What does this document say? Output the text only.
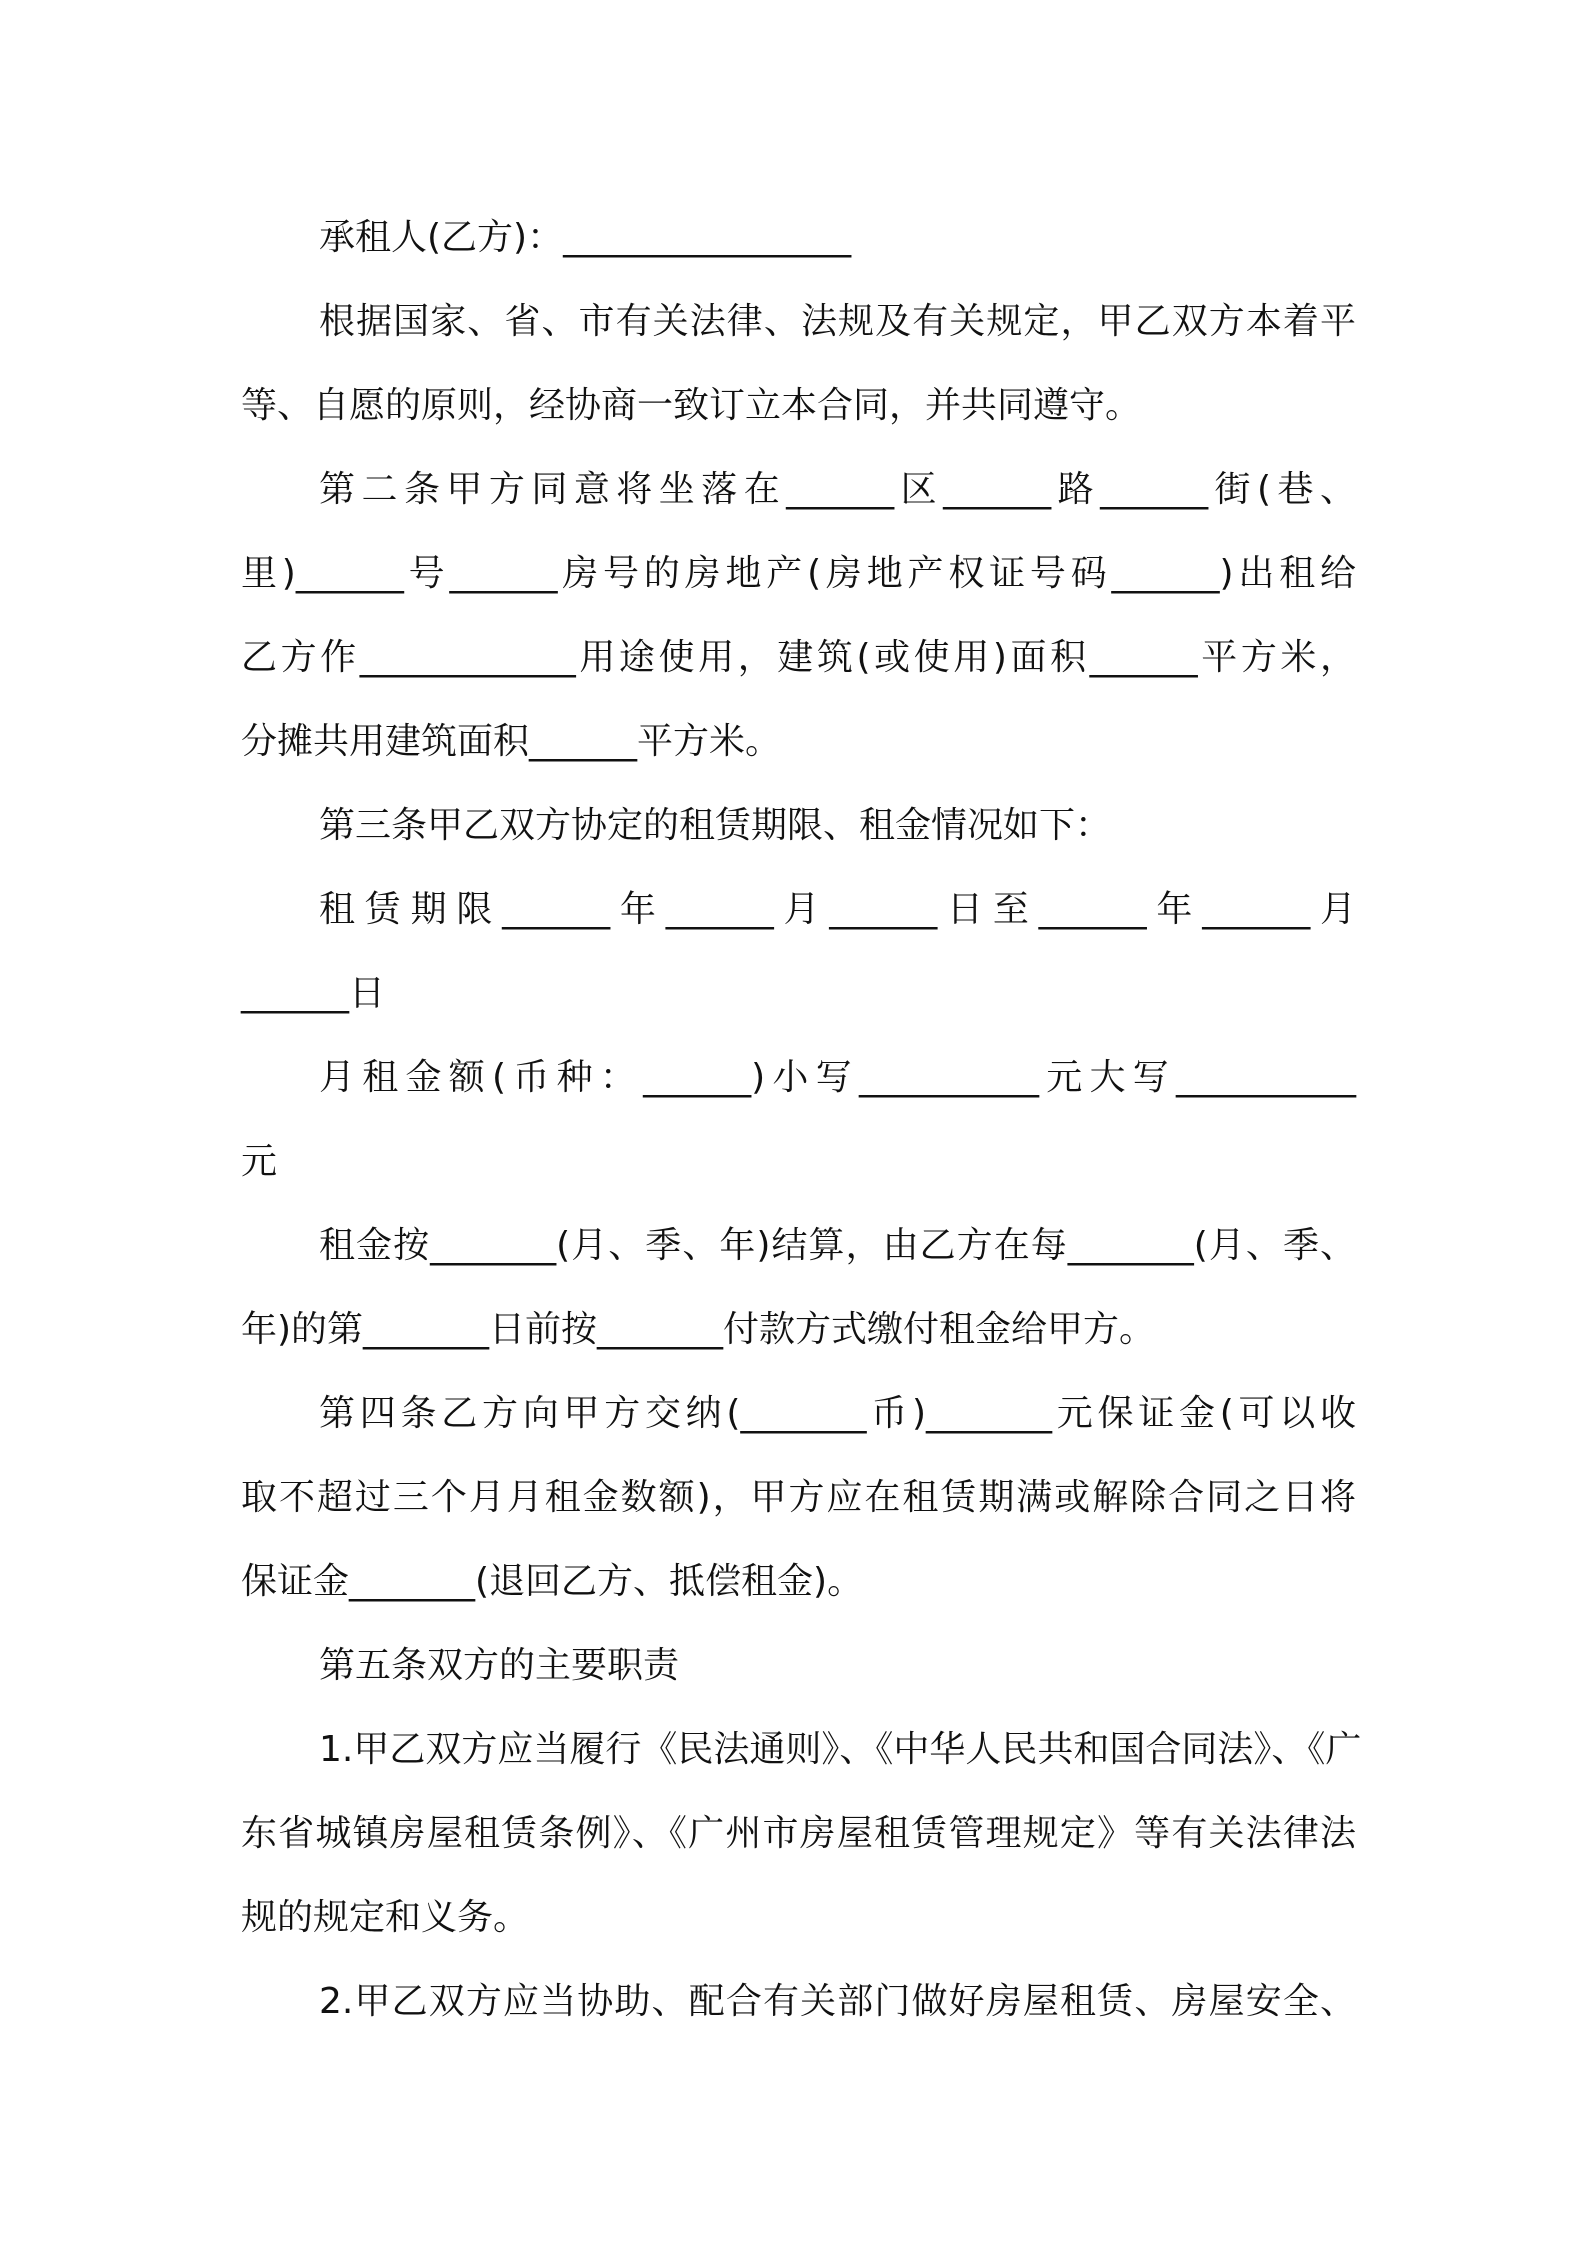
承租人(乙方)：________________
根据国家、省、市有关法律、法规及有关规定，甲乙双方本着平
等、自愿的原则，经协商一致订立本合同，并共同遵守。
第二条甲方同意将坐落在______区______路______街(巷、
里)______号______房号的房地产(房地产权证号码______)出租给
乙方作____________用途使用，建筑(或使用)面积______平方米，
分摊共用建筑面积______平方米。
第三条甲乙双方协定的租赁期限、租金情况如下：
租赁期限______年______月______日至______年______月
______日
月租金额(币种：______)小写__________元大写__________
元
租金按_______(月、季、年)结算，由乙方在每_______(月、季、
年)的第_______日前按_______付款方式缴付租金给甲方。
第四条乙方向甲方交纳(_______币)_______元保证金(可以收
取不超过三个月月租金数额)，甲方应在租赁期满或解除合同之日将
保证金_______(退回乙方、抵偿租金)。
第五条双方的主要职责
1.甲乙双方应当履行《民法通则》、《中华人民共和国合同法》、《广
东省城镇房屋租赁条例》、《广州市房屋租赁管理规定》等有关法律法
规的规定和义务。
2.甲乙双方应当协助、配合有关部门做好房屋租赁、房屋安全、
